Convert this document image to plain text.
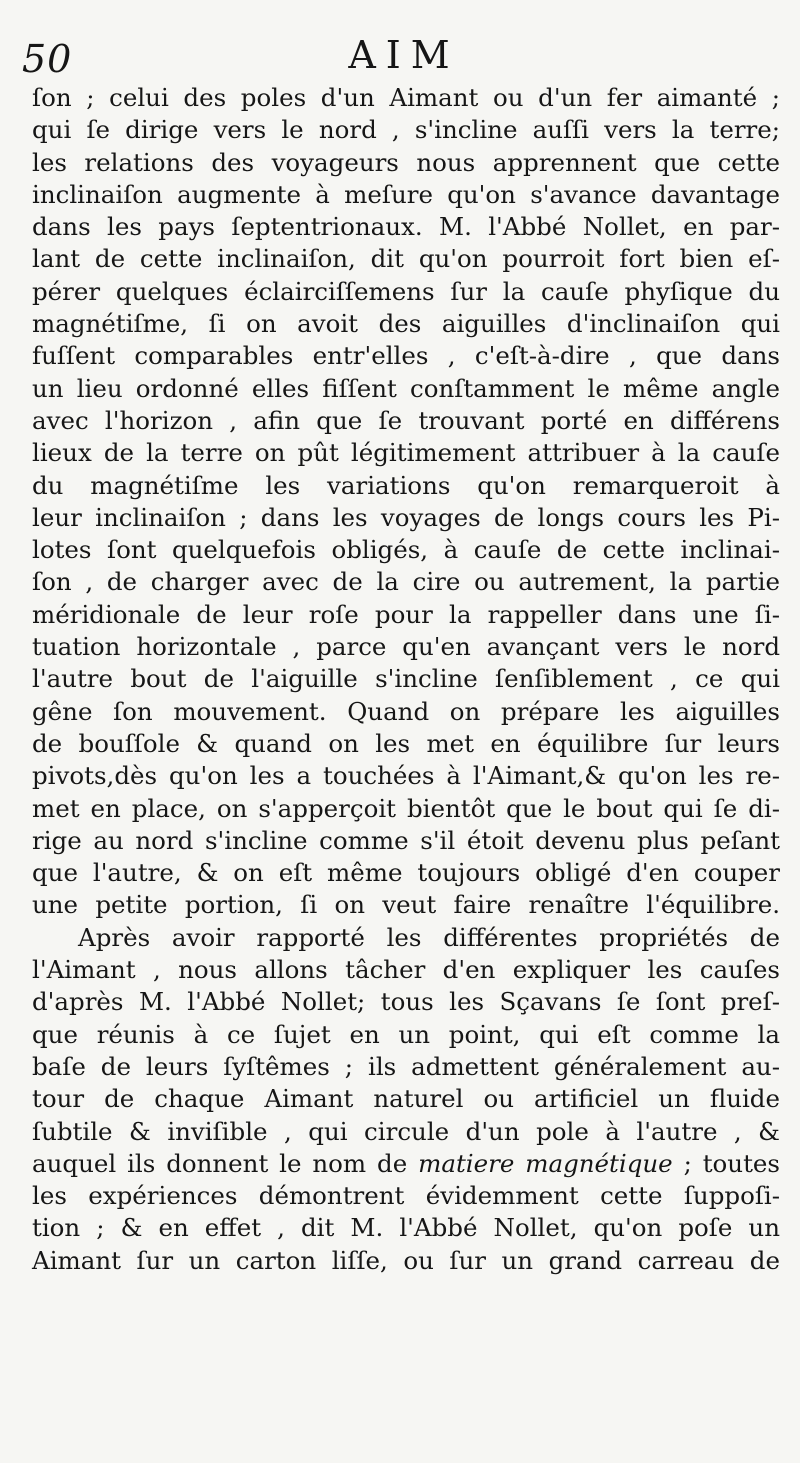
50	AIM
ſon ; celui des poles d'un Aimant ou d'un fer aimanté ;
qui ſe dirige vers le nord , s'incline auſſi vers la terre;
les relations des voyageurs nous apprennent que cette
inclinaiſon augmente à meſure qu'on s'avance davantage
dans les pays ſeptentrionaux. M. l'Abbé Nollet, en par-
lant de cette inclinaiſon, dit qu'on pourroit fort bien eſ-
pérer quelques éclairciſſemens ſur la cauſe phyſique du
magnétiſme, ſi on avoit des aiguilles d'inclinaiſon qui
fuſſent comparables entr'elles , c'eſt-à-dire , que dans
un lieu ordonné elles fiſſent conſtamment le même angle
avec l'horizon , afin que ſe trouvant porté en différens
lieux de la terre on pût légitimement attribuer à la cauſe
du magnétiſme les variations qu'on remarqueroit à
leur inclinaiſon ; dans les voyages de longs cours les Pi-
lotes ſont quelquefois obligés, à cauſe de cette inclinai-
ſon , de charger avec de la cire ou autrement, la partie
méridionale de leur roſe pour la rappeller dans une ſi-
tuation horizontale , parce qu'en avançant vers le nord
l'autre bout de l'aiguille s'incline ſenſiblement , ce qui
gêne ſon mouvement. Quand on prépare les aiguilles
de bouſſole & quand on les met en équilibre ſur leurs
pivots,dès qu'on les a touchées à l'Aimant,& qu'on les re-
met en place, on s'apperçoit bientôt que le bout qui ſe di-
rige au nord s'incline comme s'il étoit devenu plus peſant
que l'autre, & on eſt même toujours obligé d'en couper
une petite portion, ſi on veut faire renaître l'équilibre.
Après avoir rapporté les différentes propriétés de
l'Aimant , nous allons tâcher d'en expliquer les cauſes
d'après M. l'Abbé Nollet; tous les Sçavans ſe ſont preſ-
que réunis à ce ſujet en un point, qui eſt comme la
baſe de leurs ſyſtêmes ; ils admettent généralement au-
tour de chaque Aimant naturel ou artificiel un fluide
ſubtile & inviſible , qui circule d'un pole à l'autre , &
auquel ils donnent le nom de matiere magnétique ; toutes
les expériences démontrent évidemment cette ſuppoſi-
tion ; & en effet , dit M. l'Abbé Nollet, qu'on poſe un
Aimant ſur un carton liſſe, ou ſur un grand carreau de
